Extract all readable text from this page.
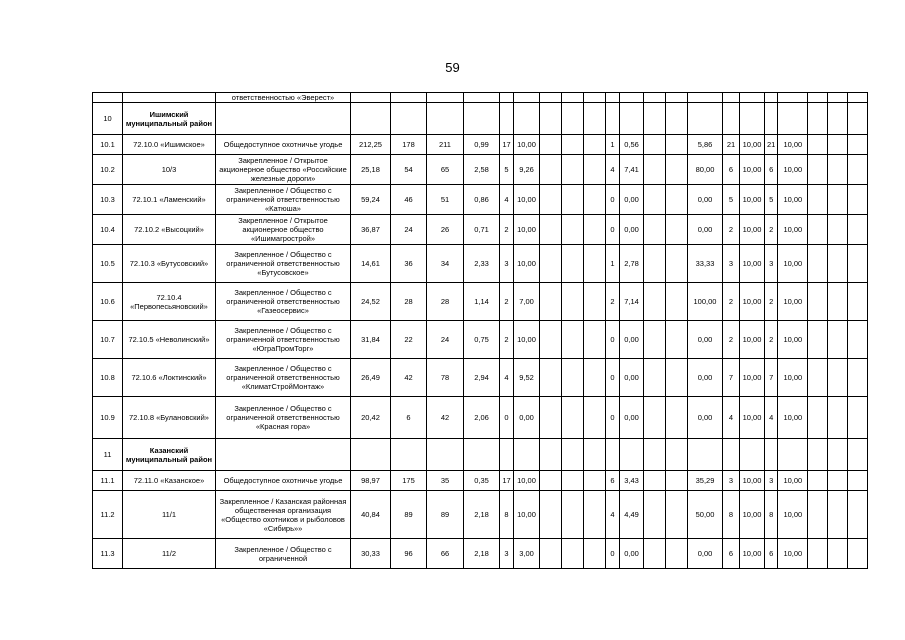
59
		ответственностью «Эверест»																					
10	Ишимский муниципальный район																						
10.1	72.10.0 «Ишимское»	Общедоступное охотничье угодье	212,25	178	211	0,99	17	10,00				1	0,56			5,86	21	10,00	21	10,00			
10.2	10/3	Закрепленное / Открытое акционерное общество «Российские железные дороги»	25,18	54	65	2,58	5	9,26				4	7,41			80,00	6	10,00	6	10,00			
10.3	72.10.1 «Ламенский»	Закрепленное / Общество с ограниченной ответственностью «Катюша»	59,24	46	51	0,86	4	10,00				0	0,00			0,00	5	10,00	5	10,00			
10.4	72.10.2 «Высоцкий»	Закрепленное / Открытое акционерное общество «Ишимагрострой»	36,87	24	26	0,71	2	10,00				0	0,00			0,00	2	10,00	2	10,00			
10.5	72.10.3 «Бутусовский»	Закрепленное / Общество с ограниченной ответственностью «Бутусовское»	14,61	36	34	2,33	3	10,00				1	2,78			33,33	3	10,00	3	10,00			
10.6	72.10.4 «Первопесьяновский»	Закрепленное / Общество с ограниченной ответственностью «Газеосервис»	24,52	28	28	1,14	2	7,00				2	7,14			100,00	2	10,00	2	10,00			
10.7	72.10.5 «Неволинский»	Закрепленное / Общество с ограниченной ответственностью «ЮграПромТорг»	31,84	22	24	0,75	2	10,00				0	0,00			0,00	2	10,00	2	10,00			
10.8	72.10.6 «Локтинский»	Закрепленное / Общество с ограниченной ответственностью «КлиматСтройМонтаж»	26,49	42	78	2,94	4	9,52				0	0,00			0,00	7	10,00	7	10,00			
10.9	72.10.8 «Булановский»	Закрепленное / Общество с ограниченной ответственностью «Красная гора»	20,42	6	42	2,06	0	0,00				0	0,00			0,00	4	10,00	4	10,00			
11	Казанский муниципальный район																						
11.1	72.11.0 «Казанское»	Общедоступное охотничье угодье	98,97	175	35	0,35	17	10,00				6	3,43			35,29	3	10,00	3	10,00			
11.2	11/1	Закрепленное / Казанская районная общественная организация «Общество охотников и рыболовов «Сибирь»»	40,84	89	89	2,18	8	10,00				4	4,49			50,00	8	10,00	8	10,00			
11.3	11/2	Закрепленное / Общество с ограниченной	30,33	96	66	2,18	3	3,00				0	0,00			0,00	6	10,00	6	10,00			
